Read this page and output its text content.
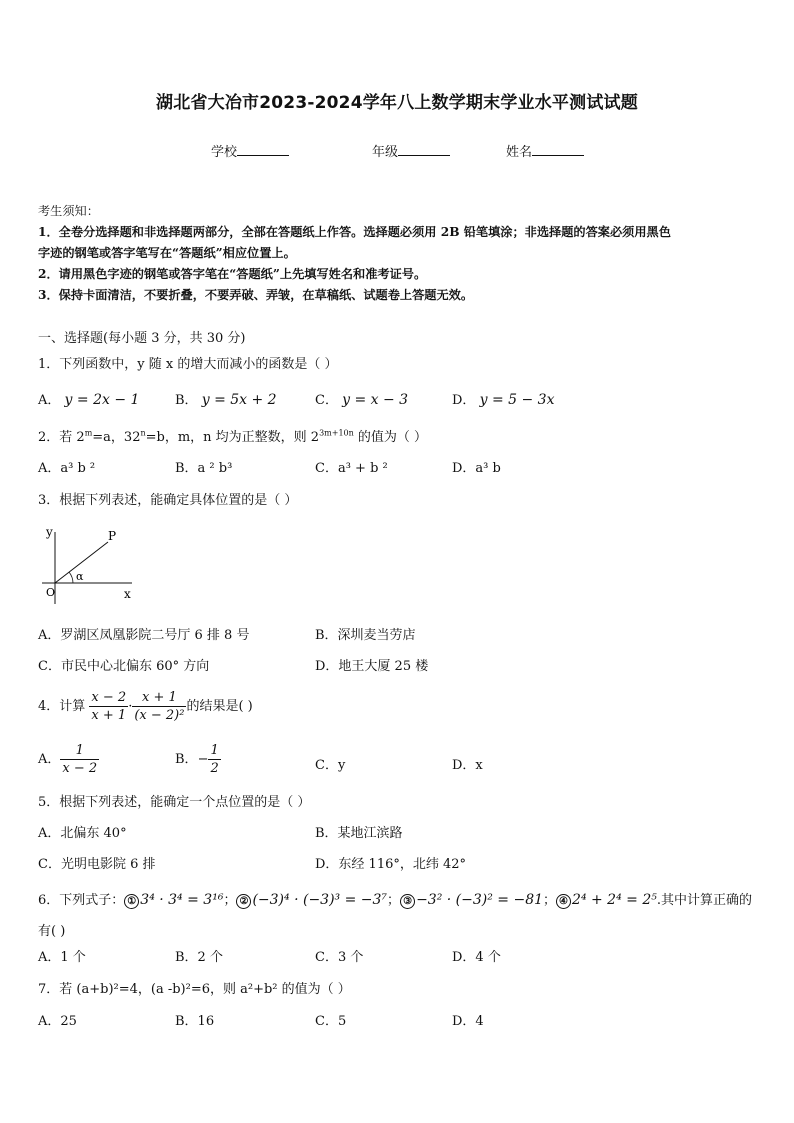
湖北省大冶市2023-2024学年八上数学期末学业水平测试试题
学校	年级	姓名
考生须知：
1．全卷分选择题和非选择题两部分，全部在答题纸上作答。选择题必须用 2B 铅笔填涂；非选择题的答案必须用黑色
字迹的钢笔或答字笔写在“答题纸”相应位置上。
2．请用黑色字迹的钢笔或答字笔在“答题纸”上先填写姓名和准考证号。
3．保持卡面清洁，不要折叠，不要弄破、弄皱，在草稿纸、试题卷上答题无效。
一、选择题(每小题 3 分，共 30 分)
1．下列函数中，y 随 x 的增大而减小的函数是（ ）
A． y = 2x − 1	B． y = 5x + 2	C． y = x − 3	D． y = 5 − 3x
2．若 $2^m=a$，$32^n=b$，m，n 均为正整数，则 $2^{3m+10n}$ 的值为（ ）
A．a³ b ²	B．a ² b³	C．a³ + b ²	D．a³ b
3．根据下列表述，能确定具体位置的是（ ）
y
x
O
P
α
A．罗湖区凤凰影院二号厅 6 排 8 号	B．深圳麦当劳店
C．市民中心北偏东 60° 方向	D．地王大厦 25 楼
4．计算 $\frac{x - 2}{x + 1} \cdot \frac{x + 1}{\text{(x − 2)²}}$ 的结果是( )
A． $\frac{1}{x - 2}$	B．− $\frac{1}{2}$	C．y	D．x
5．根据下列表述，能确定一个点位置的是（ ）
A．北偏东 40°	B．某地江滨路
C．光明电影院 6 排	D．东经 116°，北纬 42°
6．下列式子： ① 3⁴ · 3⁴ = 3¹⁶； ② (−3)⁴ · (−3)³ = −3⁷； ③ −3² · (−3)² = −81； ④ 2⁴ + 2⁴ = 2⁵.其中计算正确的
有( )
A．1 个	B．2 个	C．3 个	D．4 个
7．若 (a+b)²=4，(a -b)²=6，则 a²+b² 的值为（ ）
A．25	B．16	C．5	D．4
